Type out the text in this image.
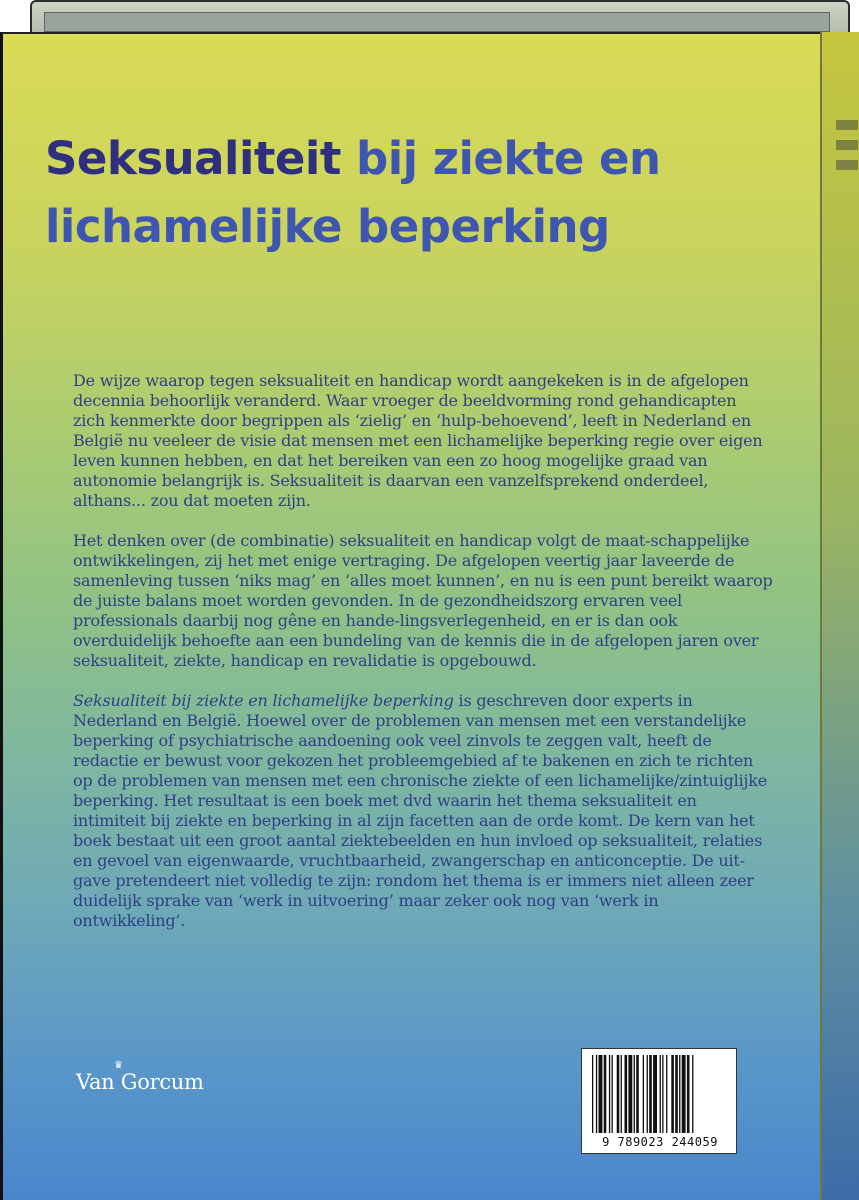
Seksualiteit bij ziekte en lichamelijke beperking

De wijze waarop tegen seksualiteit en handicap wordt aangekeken is in de afgelopen decennia behoorlijk veranderd. Waar vroeger de beeldvorming rond gehandicapten zich kenmerkte door begrippen als ‘zielig’ en ‘hulp-behoevend’, leeft in Nederland en België nu veeleer de visie dat mensen met een lichamelijke beperking regie over eigen leven kunnen hebben, en dat het bereiken van een zo hoog mogelijke graad van autonomie belangrijk is. Seksualiteit is daarvan een vanzelfsprekend onderdeel, althans... zou dat moeten zijn.

Het denken over (de combinatie) seksualiteit en handicap volgt de maat-schappelijke ontwikkelingen, zij het met enige vertraging. De afgelopen veertig jaar laveerde de samenleving tussen ‘niks mag’ en ‘alles moet kunnen’, en nu is een punt bereikt waarop de juiste balans moet worden gevonden. In de gezondheidszorg ervaren veel professionals daarbij nog gêne en hande-lingsverlegenheid, en er is dan ook overduidelijk behoefte aan een bundeling van de kennis die in de afgelopen jaren over seksualiteit, ziekte, handicap en revalidatie is opgebouwd.

Seksualiteit bij ziekte en lichamelijke beperking is geschreven door experts in Nederland en België. Hoewel over de problemen van mensen met een verstandelijke beperking of psychiatrische aandoening ook veel zinvols te zeggen valt, heeft de redactie er bewust voor gekozen het probleemgebied af te bakenen en zich te richten op de problemen van mensen met een chronische ziekte of een lichamelijke/zintuiglijke beperking. Het resultaat is een boek met dvd waarin het thema seksualiteit en intimiteit bij ziekte en beperking in al zijn facetten aan de orde komt. De kern van het boek bestaat uit een groot aantal ziektebeelden en hun invloed op seksualiteit, relaties en gevoel van eigenwaarde, vruchtbaarheid, zwangerschap en anticonceptie. De uit-gave pretendeert niet volledig te zijn: rondom het thema is er immers niet alleen zeer duidelijk sprake van ‘werk in uitvoering’ maar zeker ook nog van ‘werk in ontwikkeling’.

♛
Van Gorcum
9 789023 244059
